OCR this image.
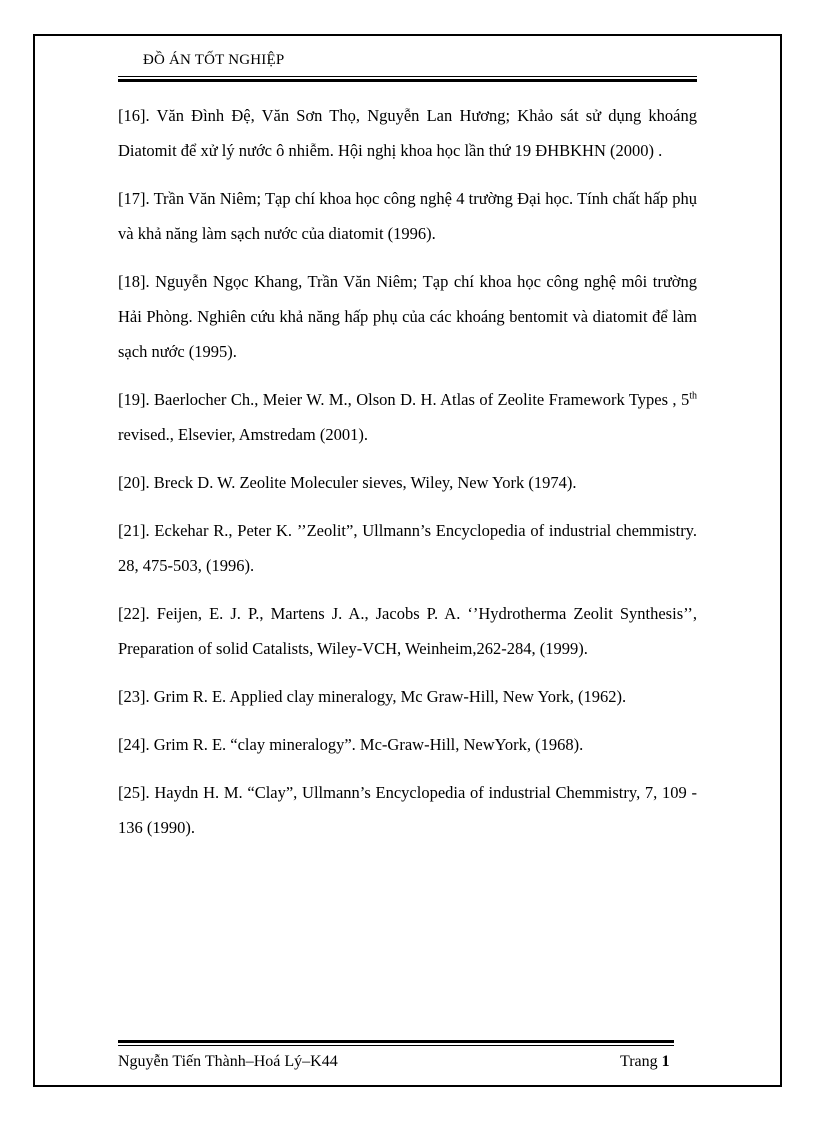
ĐỒ ÁN TỐT NGHIỆP

[16]. Văn Đình Đệ, Văn Sơn Thọ, Nguyễn Lan Hương; Khảo sát sử dụng khoáng Diatomit để xử lý nước ô nhiễm. Hội nghị khoa học lần thứ 19 ĐHBKHN (2000) .

[17]. Trần Văn Niêm; Tạp chí khoa học công nghệ 4 trường Đại học. Tính chất hấp phụ và khả năng làm sạch nước của diatomit (1996).

[18]. Nguyễn Ngọc Khang, Trần Văn Niêm; Tạp chí khoa học công nghệ môi trường Hải Phòng. Nghiên cứu khả năng hấp phụ của các khoáng bentomit và diatomit để làm sạch nước (1995).

[19]. Baerlocher Ch., Meier W. M., Olson D. H. Atlas of Zeolite Framework Types , 5th revised., Elsevier, Amstredam (2001).

[20]. Breck D. W. Zeolite Moleculer sieves, Wiley, New York (1974).

[21]. Eckehar R., Peter K. ’’Zeolit”, Ullmann’s Encyclopedia of industrial chemmistry. 28, 475-503, (1996).

[22]. Feijen, E. J. P., Martens J. A., Jacobs P. A. ‘’Hydrotherma Zeolit Synthesis’’, Preparation of solid Catalists, Wiley-VCH, Weinheim,262-284, (1999).

[23]. Grim R. E. Applied clay mineralogy, Mc Graw-Hill, New York, (1962).

[24]. Grim R. E. “clay mineralogy”. Mc-Graw-Hill, NewYork, (1968).

[25]. Haydn H. M. “Clay”, Ullmann’s Encyclopedia of industrial Chemmistry, 7, 109 - 136 (1990).

Nguyễn Tiến Thành–Hoá Lý–K44	Trang 1
